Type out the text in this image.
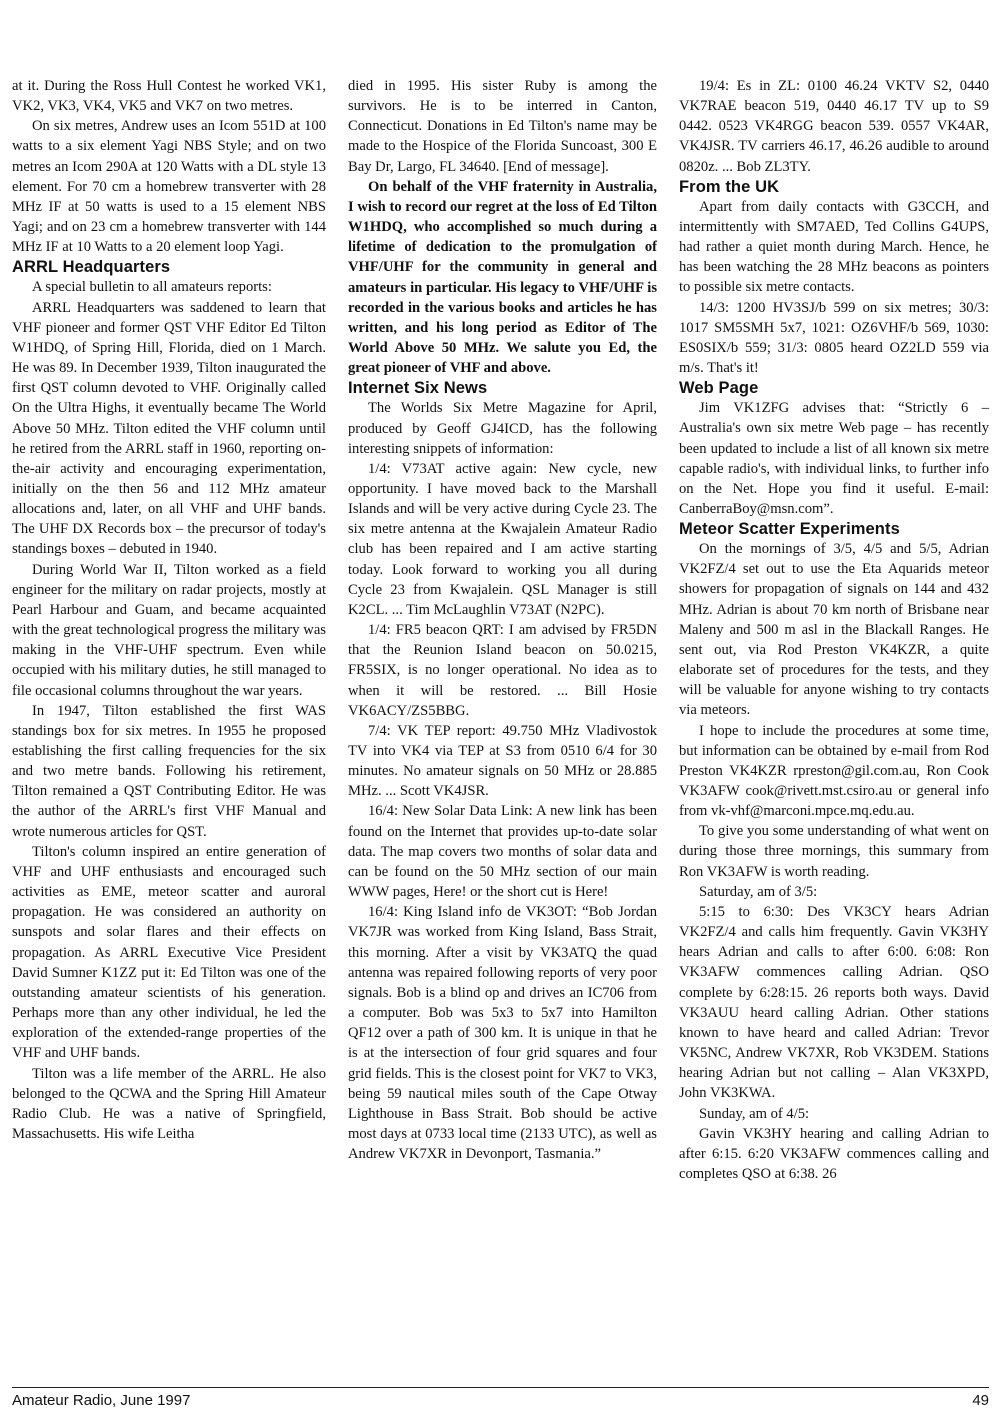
at it. During the Ross Hull Contest he worked VK1, VK2, VK3, VK4, VK5 and VK7 on two metres.

On six metres, Andrew uses an Icom 551D at 100 watts to a six element Yagi NBS Style; and on two metres an Icom 290A at 120 Watts with a DL style 13 element. For 70 cm a homebrew transverter with 28 MHz IF at 50 watts is used to a 15 element NBS Yagi; and on 23 cm a homebrew transverter with 144 MHz IF at 10 Watts to a 20 element loop Yagi.

ARRL Headquarters

A special bulletin to all amateurs reports:

ARRL Headquarters was saddened to learn that VHF pioneer and former QST VHF Editor Ed Tilton W1HDQ, of Spring Hill, Florida, died on 1 March. He was 89. In December 1939, Tilton inaugurated the first QST column devoted to VHF. Originally called On the Ultra Highs, it eventually became The World Above 50 MHz. Tilton edited the VHF column until he retired from the ARRL staff in 1960, reporting on-the-air activity and encouraging experimentation, initially on the then 56 and 112 MHz amateur allocations and, later, on all VHF and UHF bands. The UHF DX Records box – the precursor of today's standings boxes – debuted in 1940.

During World War II, Tilton worked as a field engineer for the military on radar projects, mostly at Pearl Harbour and Guam, and became acquainted with the great technological progress the military was making in the VHF-UHF spectrum. Even while occupied with his military duties, he still managed to file occasional columns throughout the war years.

In 1947, Tilton established the first WAS standings box for six metres. In 1955 he proposed establishing the first calling frequencies for the six and two metre bands. Following his retirement, Tilton remained a QST Contributing Editor. He was the author of the ARRL's first VHF Manual and wrote numerous articles for QST.

Tilton's column inspired an entire generation of VHF and UHF enthusiasts and encouraged such activities as EME, meteor scatter and auroral propagation. He was considered an authority on sunspots and solar flares and their effects on propagation. As ARRL Executive Vice President David Sumner K1ZZ put it: Ed Tilton was one of the outstanding amateur scientists of his generation. Perhaps more than any other individual, he led the exploration of the extended-range properties of the VHF and UHF bands.

Tilton was a life member of the ARRL. He also belonged to the QCWA and the Spring Hill Amateur Radio Club. He was a native of Springfield, Massachusetts. His wife Leitha

died in 1995. His sister Ruby is among the survivors. He is to be interred in Canton, Connecticut. Donations in Ed Tilton's name may be made to the Hospice of the Florida Suncoast, 300 E Bay Dr, Largo, FL 34640. [End of message].

On behalf of the VHF fraternity in Australia, I wish to record our regret at the loss of Ed Tilton W1HDQ, who accomplished so much during a lifetime of dedication to the promulgation of VHF/UHF for the community in general and amateurs in particular. His legacy to VHF/UHF is recorded in the various books and articles he has written, and his long period as Editor of The World Above 50 MHz. We salute you Ed, the great pioneer of VHF and above.

Internet Six News

The Worlds Six Metre Magazine for April, produced by Geoff GJ4ICD, has the following interesting snippets of information:

1/4: V73AT active again: New cycle, new opportunity. I have moved back to the Marshall Islands and will be very active during Cycle 23. The six metre antenna at the Kwajalein Amateur Radio club has been repaired and I am active starting today. Look forward to working you all during Cycle 23 from Kwajalein. QSL Manager is still K2CL. ... Tim McLaughlin V73AT (N2PC).

1/4: FR5 beacon QRT: I am advised by FR5DN that the Reunion Island beacon on 50.0215, FR5SIX, is no longer operational. No idea as to when it will be restored. ... Bill Hosie VK6ACY/ZS5BBG.

7/4: VK TEP report: 49.750 MHz Vladivostok TV into VK4 via TEP at S3 from 0510 6/4 for 30 minutes. No amateur signals on 50 MHz or 28.885 MHz. ... Scott VK4JSR.

16/4: New Solar Data Link: A new link has been found on the Internet that provides up-to-date solar data. The map covers two months of solar data and can be found on the 50 MHz section of our main WWW pages, Here! or the short cut is Here!

16/4: King Island info de VK3OT: “Bob Jordan VK7JR was worked from King Island, Bass Strait, this morning. After a visit by VK3ATQ the quad antenna was repaired following reports of very poor signals. Bob is a blind op and drives an IC706 from a computer. Bob was 5x3 to 5x7 into Hamilton QF12 over a path of 300 km. It is unique in that he is at the intersection of four grid squares and four grid fields. This is the closest point for VK7 to VK3, being 59 nautical miles south of the Cape Otway Lighthouse in Bass Strait. Bob should be active most days at 0733 local time (2133 UTC), as well as Andrew VK7XR in Devonport, Tasmania.”

19/4: Es in ZL: 0100 46.24 VKTV S2, 0440 VK7RAE beacon 519, 0440 46.17 TV up to S9 0442. 0523 VK4RGG beacon 539. 0557 VK4AR, VK4JSR. TV carriers 46.17, 46.26 audible to around 0820z. ... Bob ZL3TY.

From the UK

Apart from daily contacts with G3CCH, and intermittently with SM7AED, Ted Collins G4UPS, had rather a quiet month during March. Hence, he has been watching the 28 MHz beacons as pointers to possible six metre contacts.

14/3: 1200 HV3SJ/b 599 on six metres; 30/3: 1017 SM5SMH 5x7, 1021: OZ6VHF/b 569, 1030: ES0SIX/b 559; 31/3: 0805 heard OZ2LD 559 via m/s. That's it!

Web Page

Jim VK1ZFG advises that: “Strictly 6 – Australia's own six metre Web page – has recently been updated to include a list of all known six metre capable radio's, with individual links, to further info on the Net. Hope you find it useful. E-mail: CanberraBoy@msn.com”.

Meteor Scatter Experiments

On the mornings of 3/5, 4/5 and 5/5, Adrian VK2FZ/4 set out to use the Eta Aquarids meteor showers for propagation of signals on 144 and 432 MHz. Adrian is about 70 km north of Brisbane near Maleny and 500 m asl in the Blackall Ranges. He sent out, via Rod Preston VK4KZR, a quite elaborate set of procedures for the tests, and they will be valuable for anyone wishing to try contacts via meteors.

I hope to include the procedures at some time, but information can be obtained by e-mail from Rod Preston VK4KZR rpreston@gil.com.au, Ron Cook VK3AFW cook@rivett.mst.csiro.au or general info from vk-vhf@marconi.mpce.mq.edu.au.

To give you some understanding of what went on during those three mornings, this summary from Ron VK3AFW is worth reading.

Saturday, am of 3/5:

5:15 to 6:30: Des VK3CY hears Adrian VK2FZ/4 and calls him frequently. Gavin VK3HY hears Adrian and calls to after 6:00. 6:08: Ron VK3AFW commences calling Adrian. QSO complete by 6:28:15. 26 reports both ways. David VK3AUU heard calling Adrian. Other stations known to have heard and called Adrian: Trevor VK5NC, Andrew VK7XR, Rob VK3DEM. Stations hearing Adrian but not calling – Alan VK3XPD, John VK3KWA.

Sunday, am of 4/5:

Gavin VK3HY hearing and calling Adrian to after 6:15. 6:20 VK3AFW commences calling and completes QSO at 6:38. 26

Amateur Radio, June 1997	49
